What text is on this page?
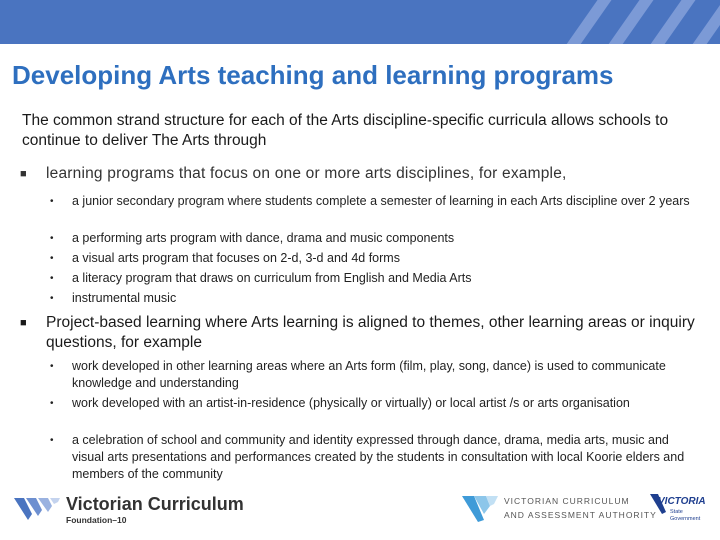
Developing Arts teaching and learning programs
The common strand structure for each of the Arts discipline-specific curricula allows schools to continue to deliver The Arts through
■ learning programs that focus on one or more arts disciplines, for example,
• a junior secondary program where students complete a semester of learning in each Arts discipline over 2 years
• a performing arts program with dance, drama and music components
• a visual arts program that focuses on 2-d, 3-d and 4d forms
• a literacy program that draws on curriculum from English and Media Arts
• instrumental music
■ Project-based learning where Arts learning is aligned to themes, other learning areas or inquiry questions, for example
• work developed in other learning areas where an Arts form (film, play, song, dance) is used to communicate knowledge and understanding
• work developed with an artist-in-residence (physically or virtually) or local artist /s or arts organisation
• a celebration of school and community and identity expressed through dance, drama, media arts, music and visual arts presentations and performances created by the students in consultation with local Koorie elders and members of the community
Victorian Curriculum
Foundation–10
VICTORIAN CURRICULUM
AND ASSESSMENT AUTHORITY
VICTORIA
State Government
